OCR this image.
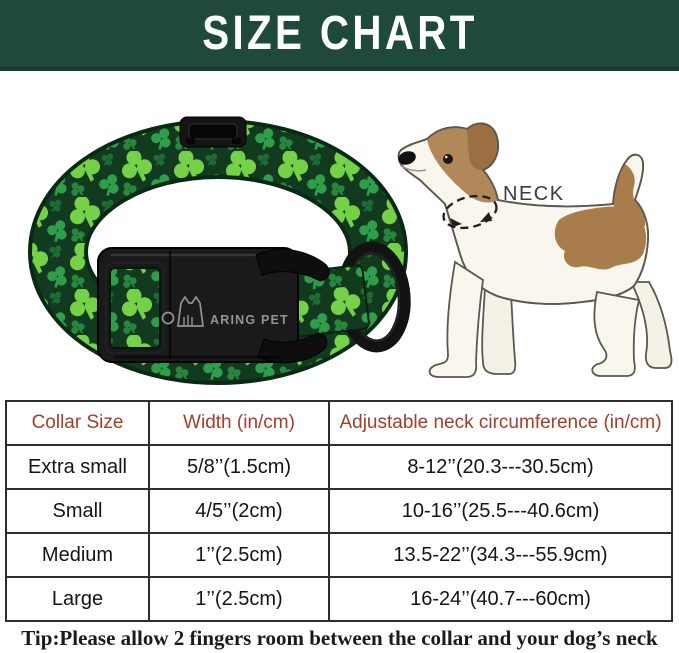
SIZE CHART
ARING PET
NECK
Collar Size	Width (in/cm)	Adjustable neck circumference (in/cm)
Extra small	5/8’’(1.5cm)	8-12’’(20.3---30.5cm)
Small	4/5’’(2cm)	10-16’’(25.5---40.6cm)
Medium	1’’(2.5cm)	13.5-22’’(34.3---55.9cm)
Large	1’’(2.5cm)	16-24’’(40.7---60cm)
Tip:Please allow 2 fingers room between the collar and your dog’s neck
